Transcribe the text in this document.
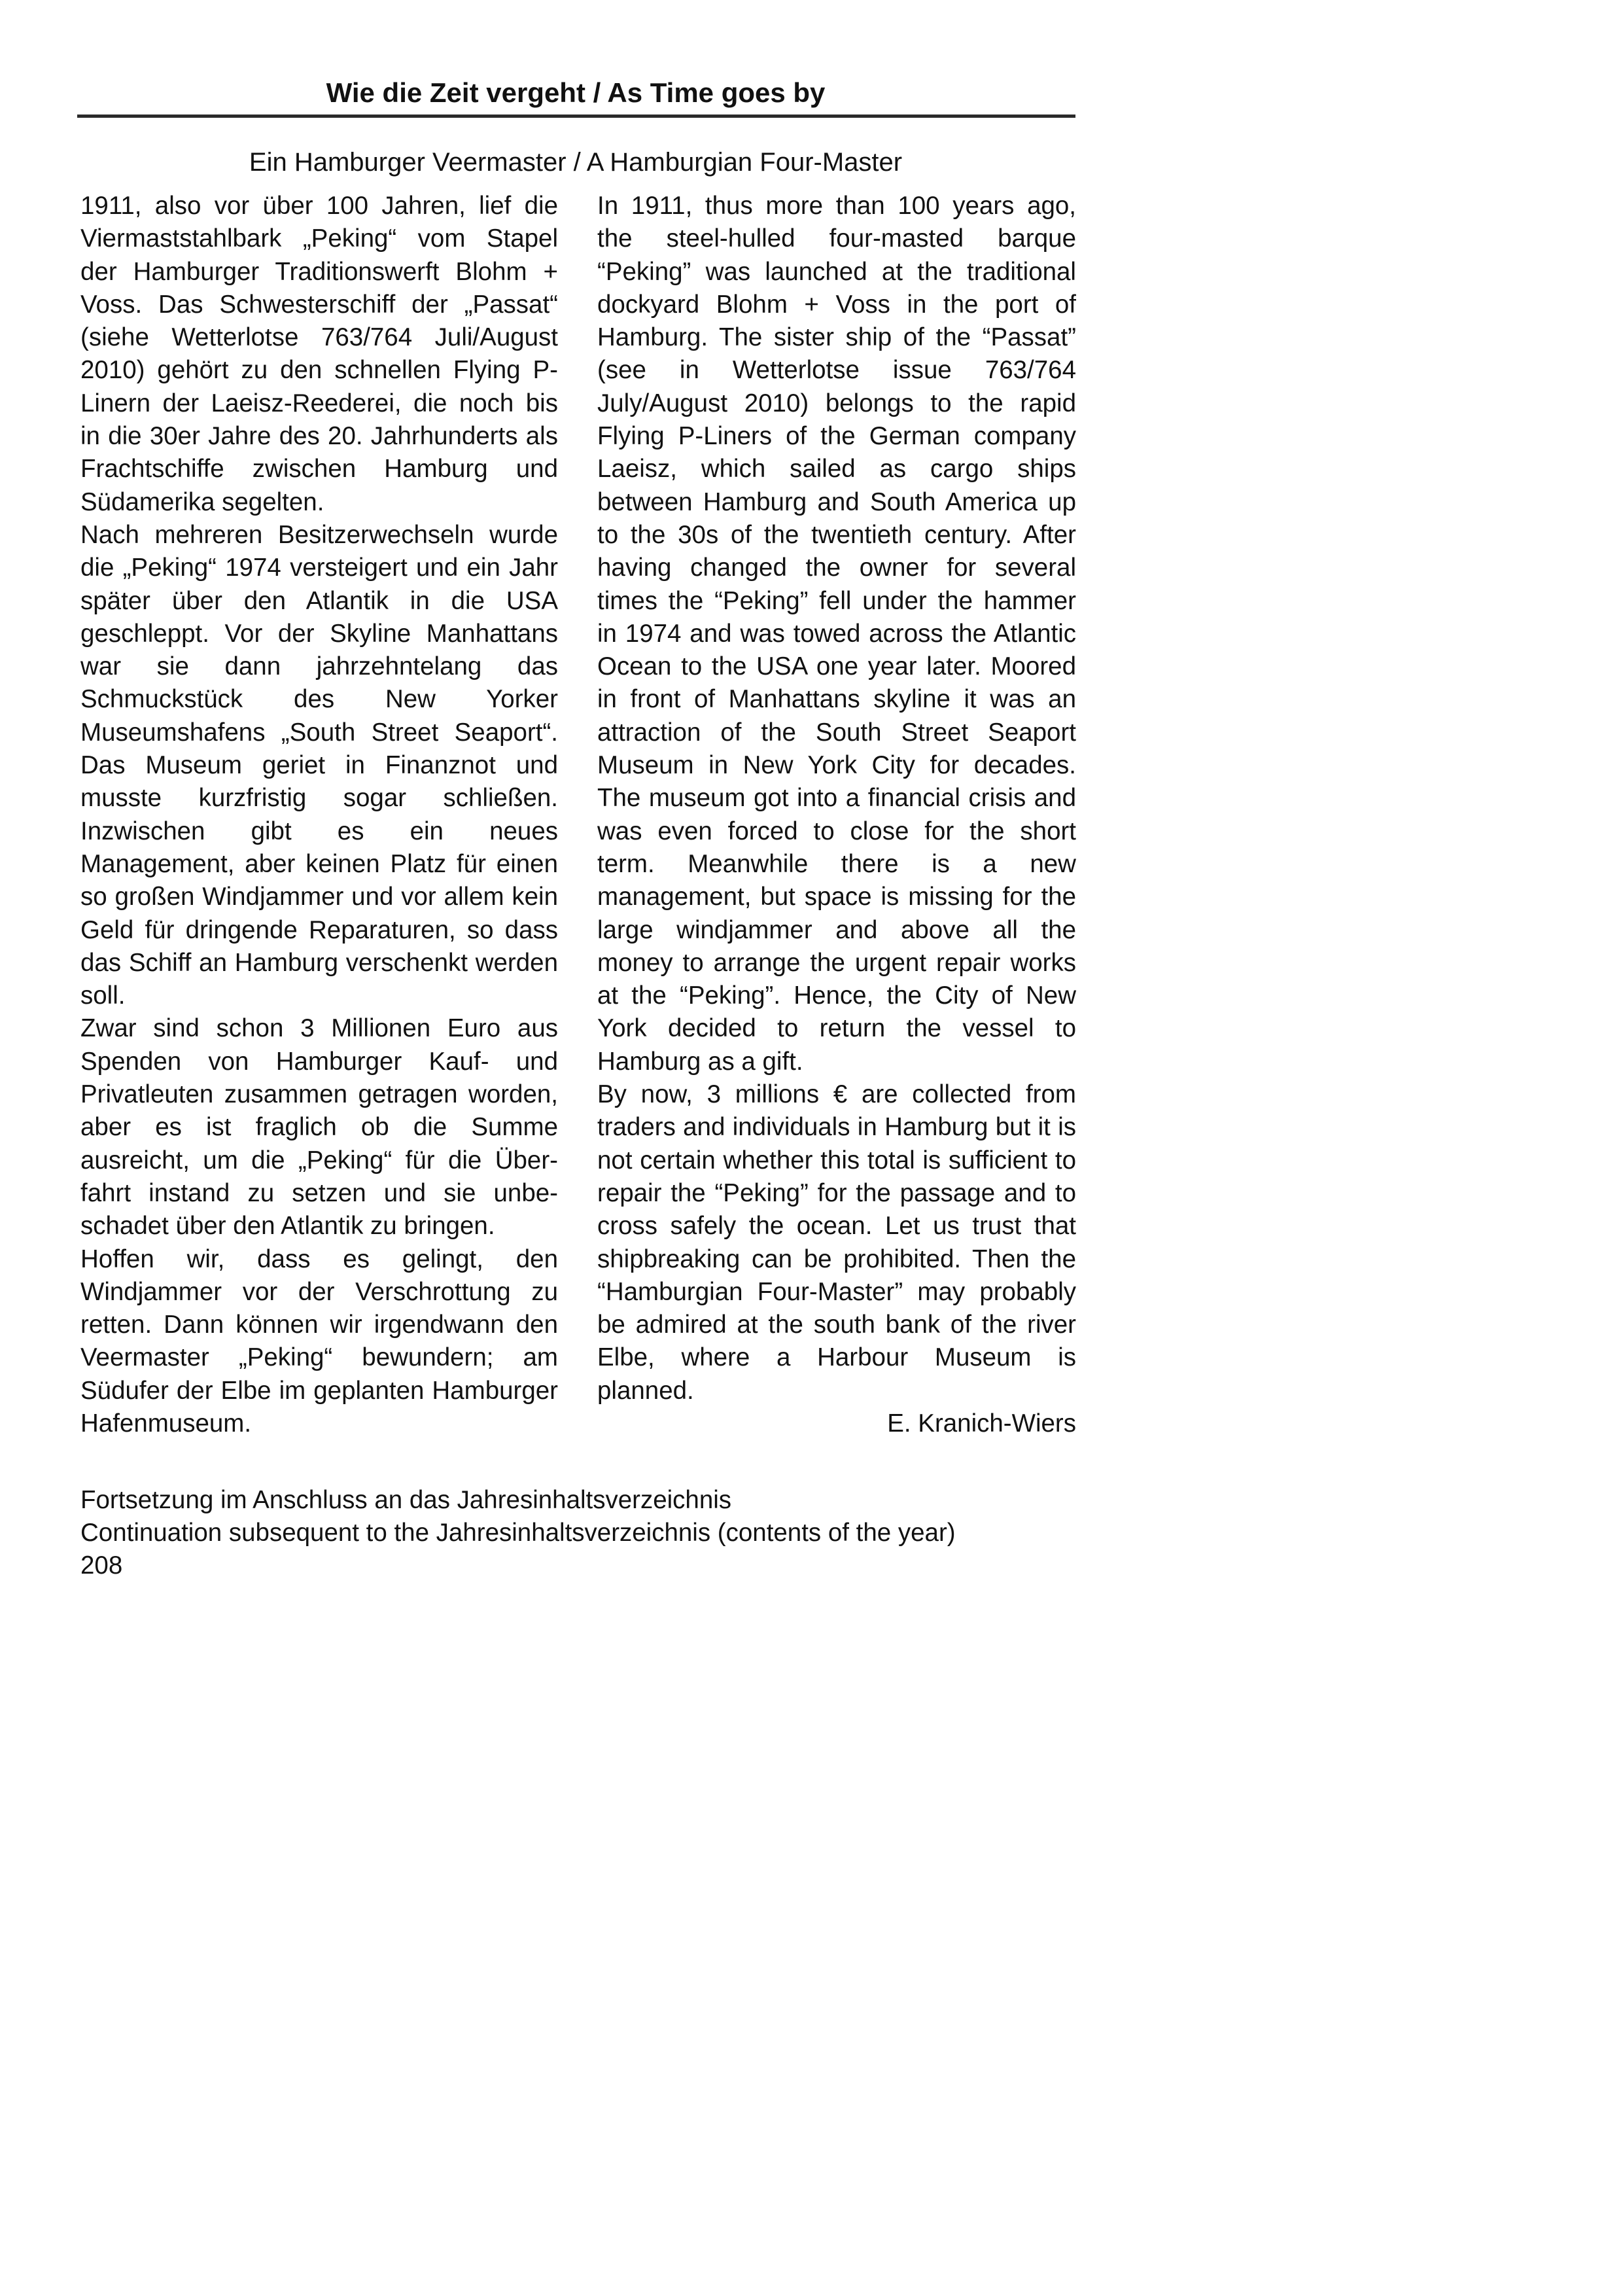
Wie die Zeit vergeht / As Time goes by
Ein Hamburger Veermaster / A Hamburgian Four-Master

1911, also vor über 100 Jahren, lief die Viermaststahlbark „Peking“ vom Stapel der Hamburger Traditionswerft Blohm + Voss. Das Schwesterschiff der „Passat“ (siehe Wetterlotse 763/764 Juli/August 2010) gehört zu den schnellen Flying P-Linern der Laeisz-Reederei, die noch bis in die 30er Jahre des 20. Jahrhunderts als Frachtschiffe zwischen Hamburg und Südamerika segelten.

Nach mehreren Besitzerwechseln wurde die „Peking“ 1974 versteigert und ein Jahr später über den Atlantik in die USA geschleppt. Vor der Skyline Manhattans war sie dann jahrzehntelang das Schmuckstück des New Yorker Museumshafens „South Street Seaport“. Das Museum geriet in Finanznot und musste kurzfristig sogar schließen. Inzwischen gibt es ein neues Management, aber keinen Platz für einen so großen Windjammer und vor allem kein Geld für dringende Reparaturen, so dass das Schiff an Hamburg verschenkt werden soll.

Zwar sind schon 3 Millionen Euro aus Spenden von Hamburger Kauf- und Privatleuten zusammen getragen worden, aber es ist fraglich ob die Summe ausreicht, um die „Peking“ für die Überfahrt instand zu setzen und sie unbeschadet über den Atlantik zu bringen.

Hoffen wir, dass es gelingt, den Windjammer vor der Verschrottung zu retten. Dann können wir irgendwann den Veermaster „Peking“ bewundern; am Südufer der Elbe im geplanten Hamburger Hafenmuseum.

In 1911, thus more than 100 years ago, the steel-hulled four-masted barque “Peking” was launched at the traditional dockyard Blohm + Voss in the port of Hamburg. The sister ship of the “Passat” (see in Wetterlotse issue 763/764 July/August 2010) belongs to the rapid Flying P-Liners of the German company Laeisz, which sailed as cargo ships between Hamburg and South America up to the 30s of the twentieth century. After having changed the owner for several times the “Peking” fell under the hammer in 1974 and was towed across the Atlantic Ocean to the USA one year later. Moored in front of Manhattans skyline it was an attraction of the South Street Seaport Museum in New York City for decades. The museum got into a financial crisis and was even forced to close for the short term. Meanwhile there is a new management, but space is missing for the large windjammer and above all the money to arrange the urgent repair works at the “Peking”. Hence, the City of New York decided to return the vessel to Hamburg as a gift.

By now, 3 millions € are collected from traders and individuals in Hamburg but it is not certain whether this total is sufficient to repair the “Peking” for the passage and to cross safely the ocean. Let us trust that shipbreaking can be prohibited. Then the “Hamburgian Four-Master” may probably be admired at the south bank of the river Elbe, where a Harbour Museum is planned.

E. Kranich-Wiers

Fortsetzung im Anschluss an das Jahresinhaltsverzeichnis
Continuation subsequent to the Jahresinhaltsverzeichnis (contents of the year)
208
